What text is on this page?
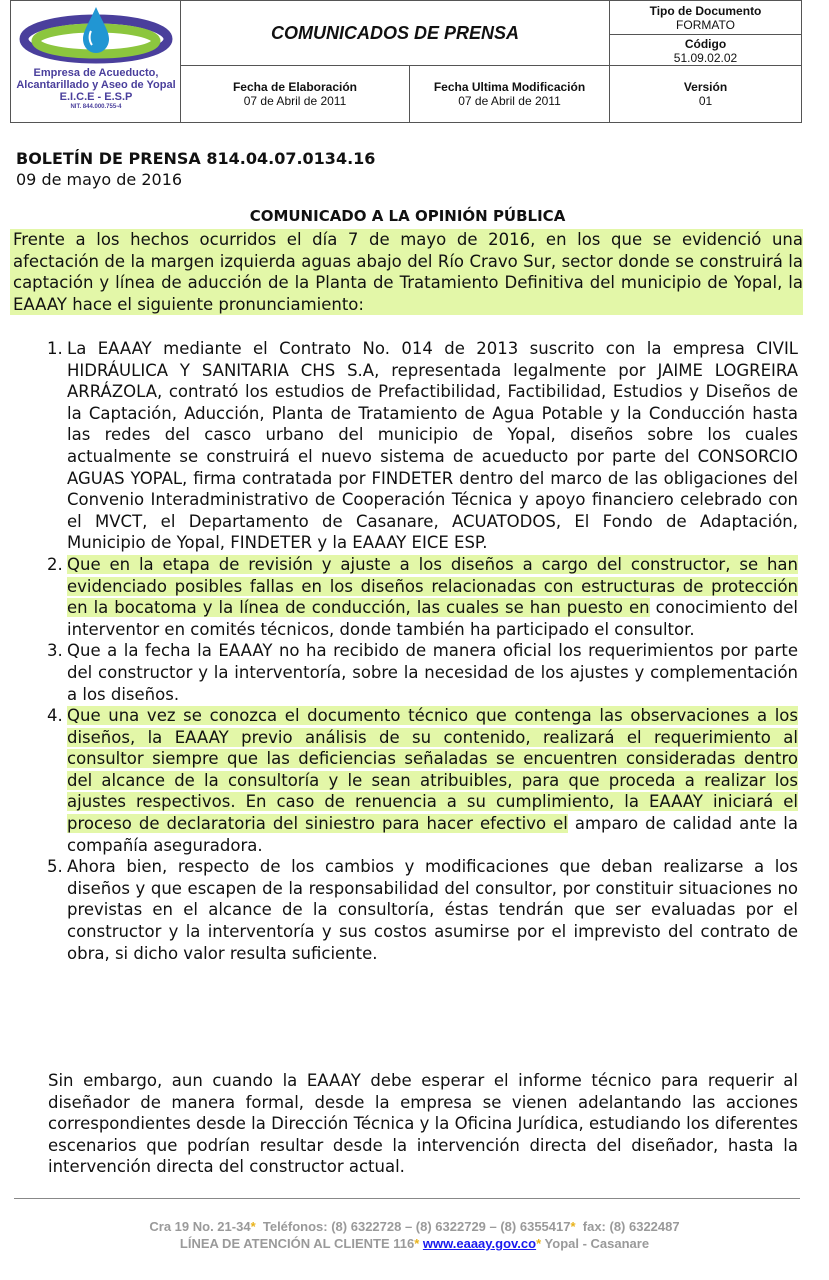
Empresa de Acueducto, Alcantarillado y Aseo de Yopal
E.I.C.E - E.S.P
NIT. 844.000.755-4
COMUNICADOS DE PRENSA
Tipo de Documento
FORMATO
Código
51.09.02.02
Fecha de Elaboración
07 de Abril de 2011
Fecha Ultima Modificación
07 de Abril de 2011
Versión
01
BOLETÍN DE PRENSA 814.04.07.0134.16
09 de mayo de 2016
COMUNICADO A LA OPINIÓN PÚBLICA
Frente a los hechos ocurridos el día 7 de mayo de 2016, en los que se evidenció una afectación de la margen izquierda aguas abajo del Río Cravo Sur, sector donde se construirá la captación y línea de aducción de la Planta de Tratamiento Definitiva del municipio de Yopal, la EAAAY hace el siguiente pronunciamiento:
1. La EAAAY mediante el Contrato No. 014 de 2013 suscrito con la empresa CIVIL HIDRÁULICA Y SANITARIA CHS S.A, representada legalmente por JAIME LOGREIRA ARRÁZOLA, contrató los estudios de Prefactibilidad, Factibilidad, Estudios y Diseños de la Captación, Aducción, Planta de Tratamiento de Agua Potable y la Conducción hasta las redes del casco urbano del municipio de Yopal, diseños sobre los cuales actualmente se construirá el nuevo sistema de acueducto por parte del CONSORCIO AGUAS YOPAL, firma contratada por FINDETER dentro del marco de las obligaciones del Convenio Interadministrativo de Cooperación Técnica y apoyo financiero celebrado con el MVCT, el Departamento de Casanare, ACUATODOS, El Fondo de Adaptación, Municipio de Yopal, FINDETER y la EAAAY EICE ESP.
2. Que en la etapa de revisión y ajuste a los diseños a cargo del constructor, se han evidenciado posibles fallas en los diseños relacionadas con estructuras de protección en la bocatoma y la línea de conducción, las cuales se han puesto en conocimiento del interventor en comités técnicos, donde también ha participado el consultor.
3. Que a la fecha la EAAAY no ha recibido de manera oficial los requerimientos por parte del constructor y la interventoría, sobre la necesidad de los ajustes y complementación a los diseños.
4. Que una vez se conozca el documento técnico que contenga las observaciones a los diseños, la EAAAY previo análisis de su contenido, realizará el requerimiento al consultor siempre que las deficiencias señaladas se encuentren consideradas dentro del alcance de la consultoría y le sean atribuibles, para que proceda a realizar los ajustes respectivos. En caso de renuencia a su cumplimiento, la EAAAY iniciará el proceso de declaratoria del siniestro para hacer efectivo el amparo de calidad ante la compañía aseguradora.
5. Ahora bien, respecto de los cambios y modificaciones que deban realizarse a los diseños y que escapen de la responsabilidad del consultor, por constituir situaciones no previstas en el alcance de la consultoría, éstas tendrán que ser evaluadas por el constructor y la interventoría y sus costos asumirse por el imprevisto del contrato de obra, si dicho valor resulta suficiente.
Sin embargo, aun cuando la EAAAY debe esperar el informe técnico para requerir al diseñador de manera formal, desde la empresa se vienen adelantando las acciones correspondientes desde la Dirección Técnica y la Oficina Jurídica, estudiando los diferentes escenarios que podrían resultar desde la intervención directa del diseñador, hasta la intervención directa del constructor actual.
Cra 19 No. 21-34* Teléfonos: (8) 6322728 – (8) 6322729 – (8) 6355417* fax: (8) 6322487
LÍNEA DE ATENCIÓN AL CLIENTE 116* www.eaaay.gov.co* Yopal - Casanare
